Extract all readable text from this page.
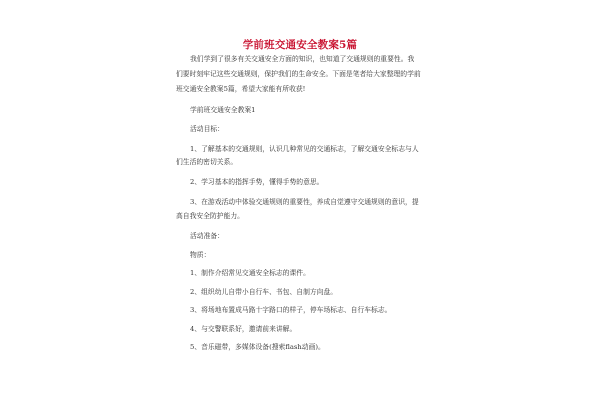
学前班交通安全教案5篇
我们学到了很多有关交通安全方面的知识，也知道了交通规则的重要性。我
们要时刻牢记这些交通规则，保护我们的生命安全。下面是笔者给大家整理的学前
班交通安全教案5篇，希望大家能有所收获!
学前班交通安全教案1
活动目标：
1、了解基本的交通规则，认识几种常见的交通标志，了解交通安全标志与人
们生活的密切关系。
2、学习基本的指挥手势，懂得手势的意思。
3、在游戏活动中体验交通规则的重要性，养成自觉遵守交通规则的意识，提
高自我安全防护能力。
活动准备：
物质：
1、制作介绍常见交通安全标志的课件。
2、组织幼儿自带小自行车、书包、自制方向盘。
3、将场地布置成马路十字路口的样子，停车场标志、自行车标志。
4、与交警联系好，邀请前来讲解。
5、音乐磁带，多媒体设备(搜索flash动画)。
